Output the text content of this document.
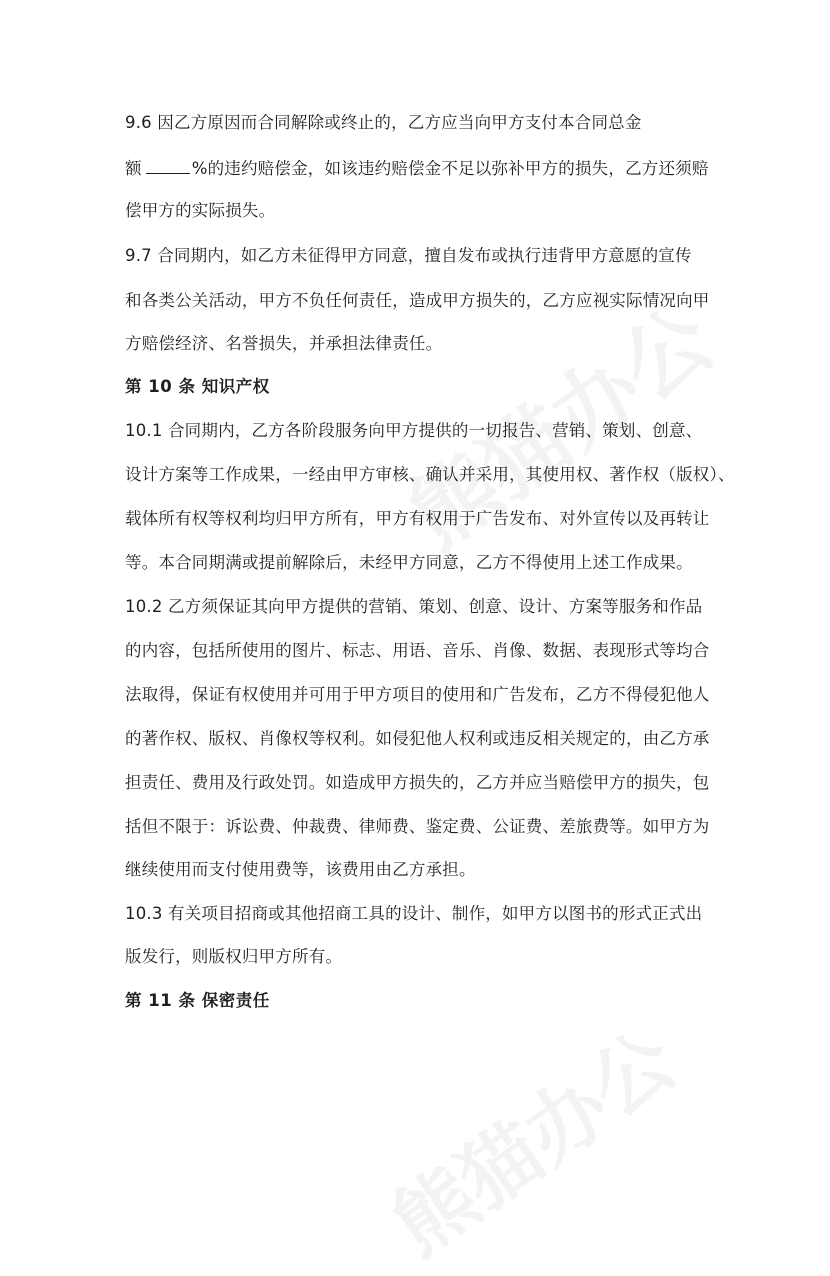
9.6 因乙方原因而合同解除或终止的，乙方应当向甲方支付本合同总金
额	%的违约赔偿金，如该违约赔偿金不足以弥补甲方的损失，乙方还须赔
偿甲方的实际损失。
9.7 合同期内，如乙方未征得甲方同意，擅自发布或执行违背甲方意愿的宣传
和各类公关活动，甲方不负任何责任，造成甲方损失的，乙方应视实际情况向甲
方赔偿经济、名誉损失，并承担法律责任。
第 10 条 知识产权
10.1 合同期内，乙方各阶段服务向甲方提供的一切报告、营销、策划、创意、
设计方案等工作成果，一经由甲方审核、确认并采用，其使用权、著作权（版权）、
载体所有权等权利均归甲方所有，甲方有权用于广告发布、对外宣传以及再转让
等。本合同期满或提前解除后，未经甲方同意，乙方不得使用上述工作成果。
10.2 乙方须保证其向甲方提供的营销、策划、创意、设计、方案等服务和作品
的内容，包括所使用的图片、标志、用语、音乐、肖像、数据、表现形式等均合
法取得，保证有权使用并可用于甲方项目的使用和广告发布，乙方不得侵犯他人
的著作权、版权、肖像权等权利。如侵犯他人权利或违反相关规定的，由乙方承
担责任、费用及行政处罚。如造成甲方损失的，乙方并应当赔偿甲方的损失，包
括但不限于：诉讼费、仲裁费、律师费、鉴定费、公证费、差旅费等。如甲方为
继续使用而支付使用费等，该费用由乙方承担。
10.3 有关项目招商或其他招商工具的设计、制作，如甲方以图书的形式正式出
版发行，则版权归甲方所有。
第 11 条 保密责任
